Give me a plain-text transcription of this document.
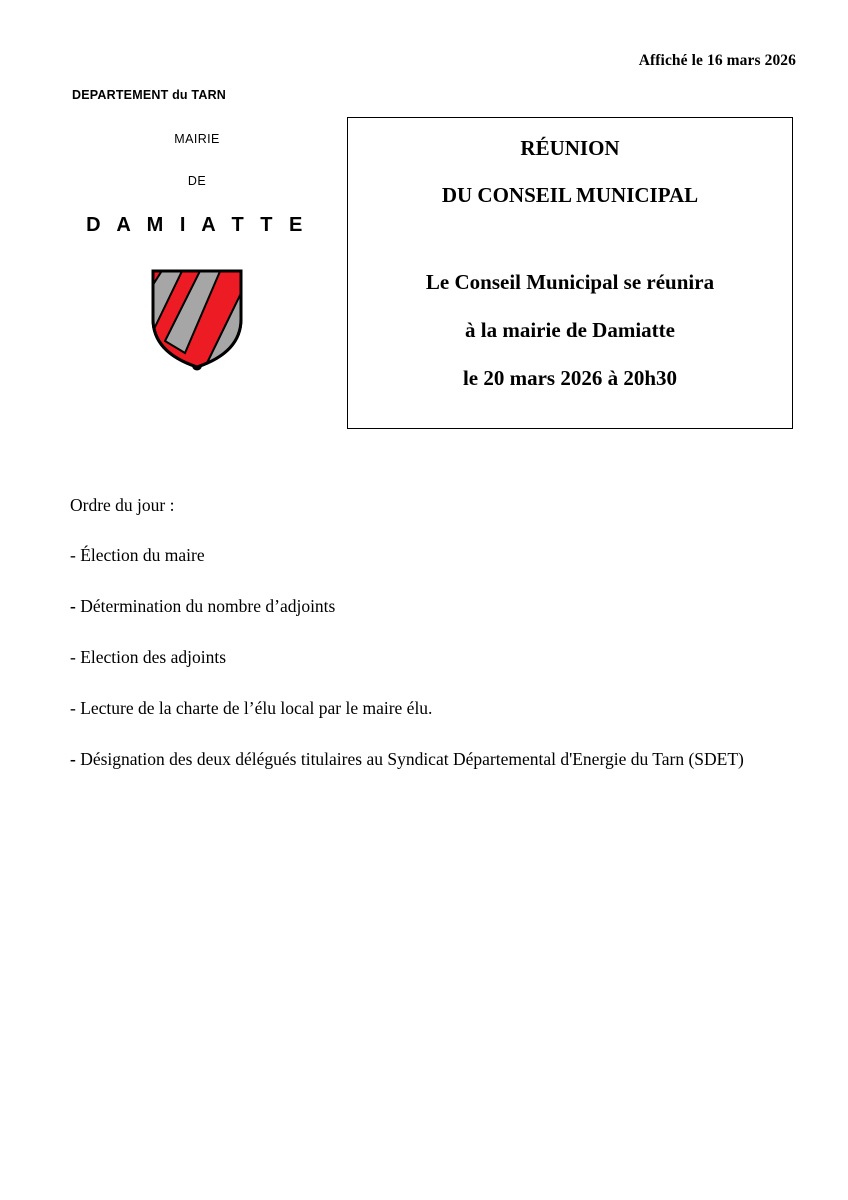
Affiché le 16 mars 2026
DEPARTEMENT du TARN
MAIRIE
DE
D A M I A T T E
RÉUNION
DU CONSEIL MUNICIPAL
Le Conseil Municipal se réunira
à la mairie de Damiatte
le 20 mars 2026 à 20h30
Ordre du jour :
- Élection du maire
- Détermination du nombre d’adjoints
- Election des adjoints
- Lecture de la charte de l’élu local par le maire élu.
- Désignation des deux délégués titulaires au Syndicat Départemental d'Energie du Tarn (SDET)
